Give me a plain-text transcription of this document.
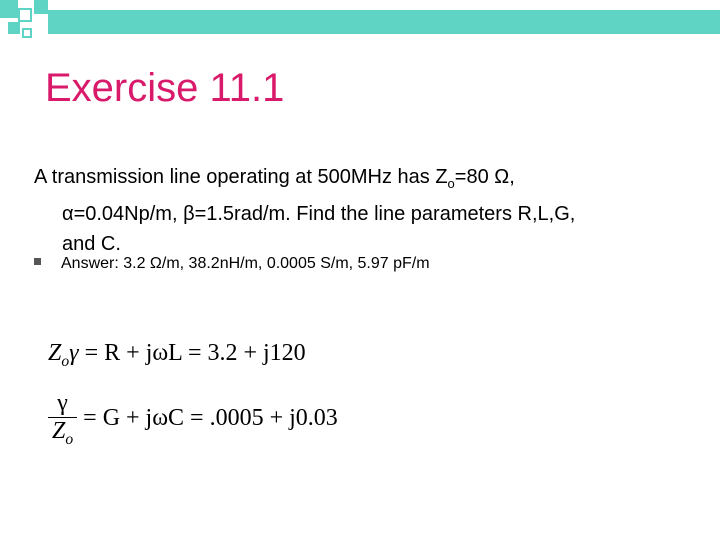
Exercise 11.1
A transmission line operating at 500MHz has $Z_o=80$ Ω,
α=0.04Np/m, β=1.5rad/m. Find the line parameters R,L,G,
and C.
Answer: 3.2 Ω/m, 38.2nH/m, 0.0005 S/m, 5.97 pF/m
$Z_o\gamma = R + j\omega L = 3.2 + j120$
$\frac{\gamma}{Z_o} = G + j\omega C = .0005 + j0.03$
